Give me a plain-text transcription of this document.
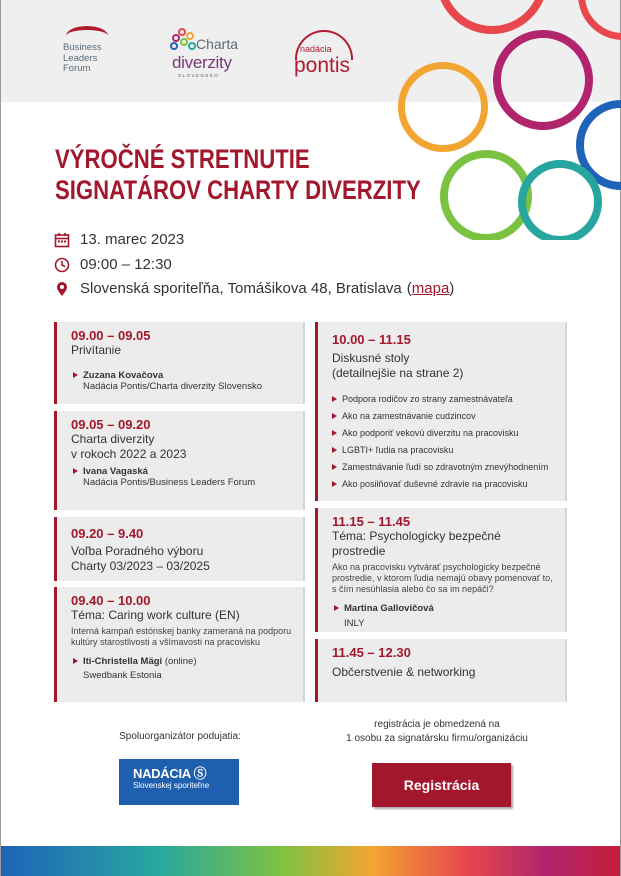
Business
Leaders
Forum
Charta
diverzity
SLOVENSKO
nadácia
pontis
VÝROČNÉ STRETNUTIE
SIGNATÁROV CHARTY DIVERZITY
13. marec 2023
09:00 – 12:30
Slovenská sporiteľňa, Tomášikova 48, Bratislava ( mapa )
09.00 – 09.05
Privítanie
Zuzana Kovačova
Nadácia Pontis/Charta diverzity Slovensko
09.05 – 09.20
Charta diverzity
v rokoch 2022 a 2023
Ivana Vagaská
Nadácia Pontis/Business Leaders Forum
09.20 – 9.40
Voľba Poradného výboru
Charty 03/2023 – 03/2025
09.40 – 10.00
Téma: Caring work culture (EN)
Interná kampaň estónskej banky zameraná na podporu kultúry starostlivosti a všímavosti na pracovisku
Iti-Christella Mägi (online)
Swedbank Estonia
10.00 – 11.15
Diskusné stoly
(detailnejšie na strane 2)
Podpora rodičov zo strany zamestnávateľa
Ako na zamestnávanie cudzincov
Ako podporiť vekovú diverzitu na pracovisku
LGBTI+ ľudia na pracovisku
Zamestnávanie ľudí so zdravotným znevýhodnením
Ako posilňovať duševné zdravie na pracovisku
11.15 – 11.45
Téma: Psychologicky bezpečné prostredie
Ako na pracovisku vytvárať psychologicky bezpečné prostredie, v ktorom ľudia nemajú obavy pomenovať to, s čím nesúhlasia alebo čo sa im nepáči?
Martina Gallovičová
INLY
11.45 – 12.30
Občerstvenie & networking
Spoluorganizátor podujatia:
NADÁCIA Ⓢ
Slovenskej sporiteľne
registrácia je obmedzená na
1 osobu za signatársku firmu/organizáciu
Registrácia
